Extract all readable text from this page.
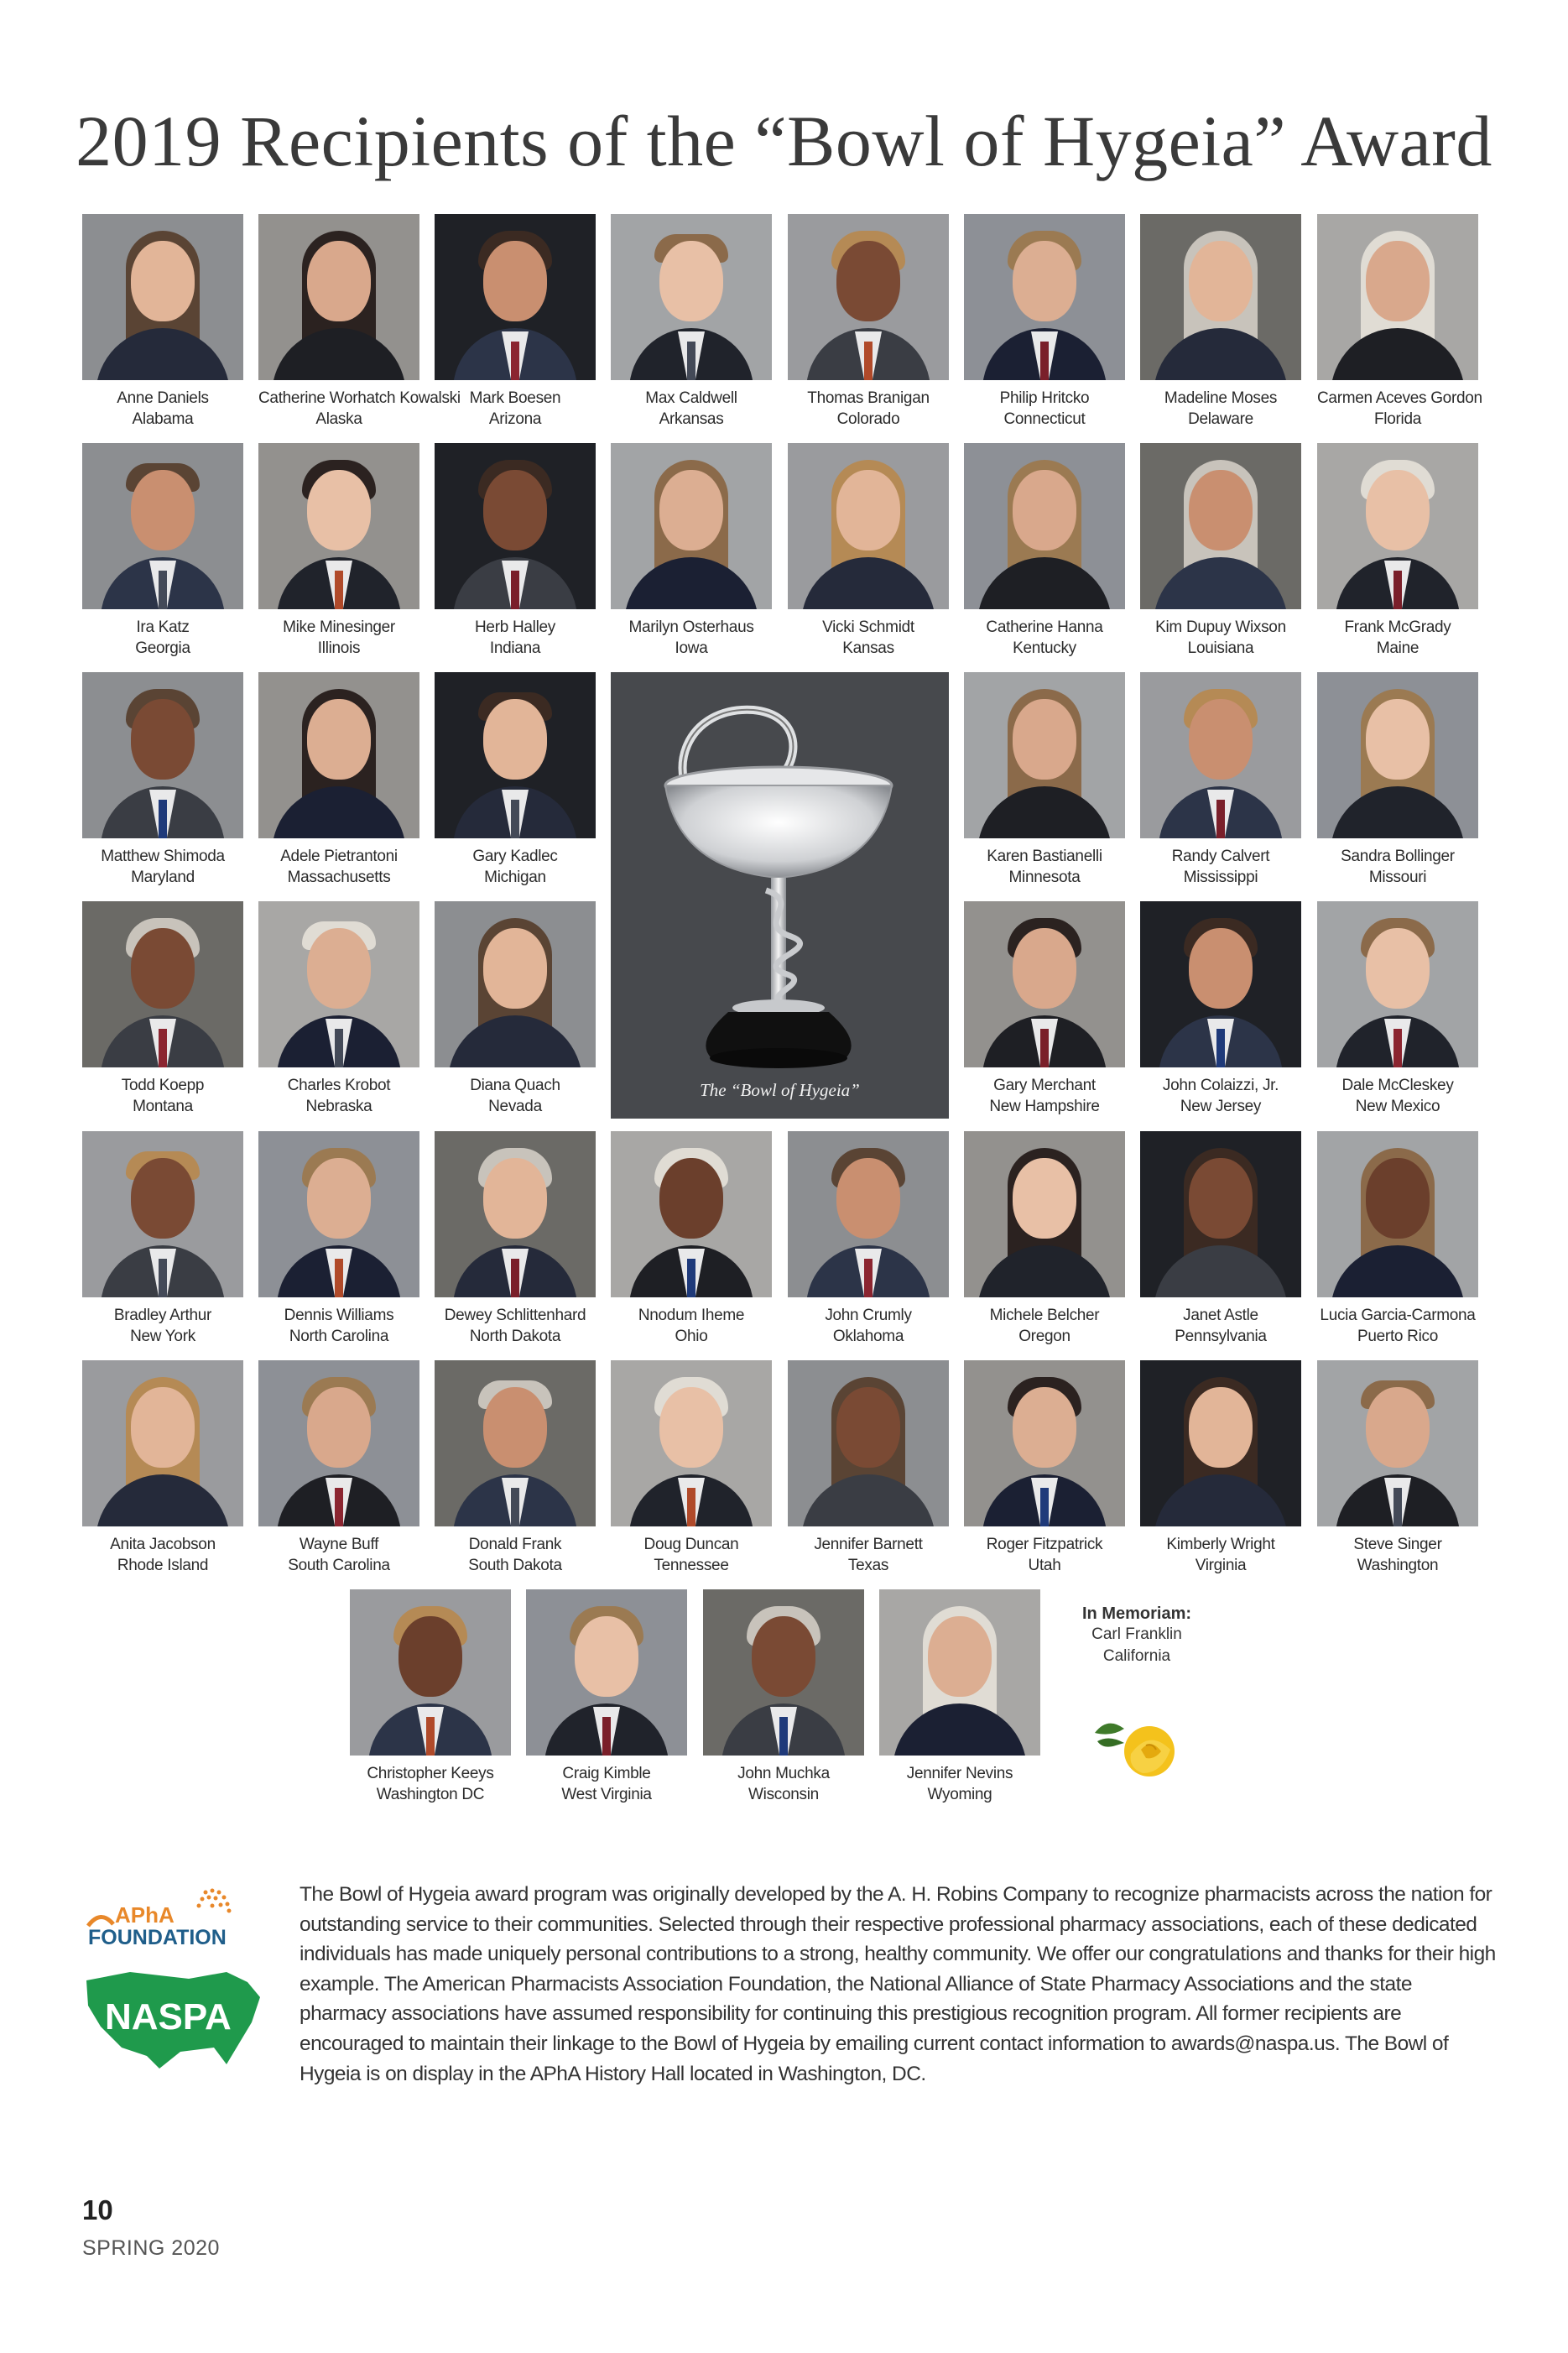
2019 Recipients of the “Bowl of Hygeia” Award
The “Bowl of Hygeia”
Anne Daniels
Alabama
Catherine Worhatch Kowalski
Alaska
Mark Boesen
Arizona
Max Caldwell
Arkansas
Thomas Branigan
Colorado
Philip Hritcko
Connecticut
Madeline Moses
Delaware
Carmen Aceves Gordon
Florida
Ira Katz
Georgia
Mike Minesinger
Illinois
Herb Halley
Indiana
Marilyn Osterhaus
Iowa
Vicki Schmidt
Kansas
Catherine Hanna
Kentucky
Kim Dupuy Wixson
Louisiana
Frank McGrady
Maine
Matthew Shimoda
Maryland
Adele Pietrantoni
Massachusetts
Gary Kadlec
Michigan
Karen Bastianelli
Minnesota
Randy Calvert
Mississippi
Sandra Bollinger
Missouri
Todd Koepp
Montana
Charles Krobot
Nebraska
Diana Quach
Nevada
Gary Merchant
New Hampshire
John Colaizzi, Jr.
New Jersey
Dale McCleskey
New Mexico
Bradley Arthur
New York
Dennis Williams
North Carolina
Dewey Schlittenhard
North Dakota
Nnodum Iheme
Ohio
John Crumly
Oklahoma
Michele Belcher
Oregon
Janet Astle
Pennsylvania
Lucia Garcia-Carmona
Puerto Rico
Anita Jacobson
Rhode Island
Wayne Buff
South Carolina
Donald Frank
South Dakota
Doug Duncan
Tennessee
Jennifer Barnett
Texas
Roger Fitzpatrick
Utah
Kimberly Wright
Virginia
Steve Singer
Washington
Christopher Keeys
Washington DC
Craig Kimble
West Virginia
John Muchka
Wisconsin
Jennifer Nevins
Wyoming
In Memoriam:
Carl Franklin
California
APhA
FOUNDATION
NASPA

The Bowl of Hygeia award program was originally developed by the A. H. Robins Company to recognize pharmacists across the nation for outstanding service to their communities. Selected through their respective professional pharmacy associations, each of these dedicated individuals has made uniquely personal contributions to a strong, healthy community. We offer our congratulations and thanks for their high example. The American Pharmacists Association Foundation, the National Alliance of State Pharmacy Associations and the state pharmacy associations have assumed responsibility for continuing this prestigious recognition program. All former recipients are encouraged to maintain their linkage to the Bowl of Hygeia by emailing current contact information to awards@naspa.us. The Bowl of Hygeia is on display in the APhA History Hall located in Washington, DC.

10
SPRING 2020
